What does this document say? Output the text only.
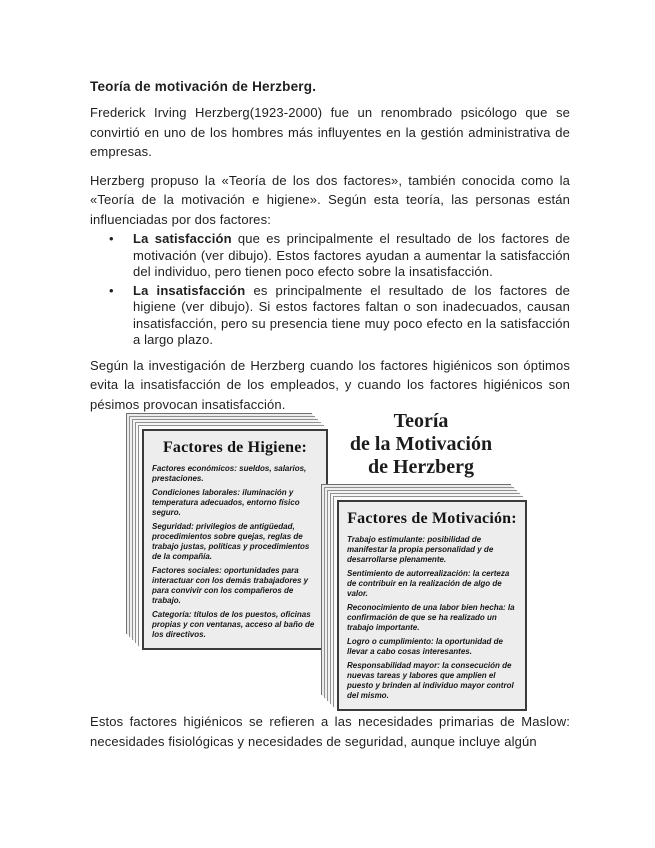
Teoría de motivación de Herzberg.

Frederick Irving Herzberg(1923-2000) fue un renombrado psicólogo que se convirtió en uno de los hombres más influyentes en la gestión administrativa de empresas.

Herzberg propuso la «Teoría de los dos factores», también conocida como la «Teoría de la motivación e higiene». Según esta teoría, las personas están influenciadas por dos factores:

• La satisfacción que es principalmente el resultado de los factores de motivación (ver dibujo). Estos factores ayudan a aumentar la satisfacción del individuo, pero tienen poco efecto sobre la insatisfacción.
• La insatisfacción es principalmente el resultado de los factores de higiene (ver dibujo). Si estos factores faltan o son inadecuados, causan insatisfacción, pero su presencia tiene muy poco efecto en la satisfacción a largo plazo.

Según la investigación de Herzberg cuando los factores higiénicos son óptimos evita la insatisfacción de los empleados, y cuando los factores higiénicos son pésimos provocan insatisfacción.

Teoría
de la Motivación
de Herzberg
Factores de Higiene:

Factores económicos: sueldos, salarios, prestaciones.

Condiciones laborales: iluminación y temperatura adecuados, entorno físico seguro.

Seguridad: privilegios de antigüedad, procedimientos sobre quejas, reglas de trabajo justas, políticas y procedimientos de la compañía.

Factores sociales: oportunidades para interactuar con los demás trabajadores y para convivir con los compañeros de trabajo.

Categoría: títulos de los puestos, oficinas propias y con ventanas, acceso al baño de los directivos.

Factores de Motivación:

Trabajo estimulante: posibilidad de manifestar la propia personalidad y de desarrollarse plenamente.

Sentimiento de autorrealización: la certeza de contribuir en la realización de algo de valor.

Reconocimiento de una labor bien hecha: la confirmación de que se ha realizado un trabajo importante.

Logro o cumplimiento: la oportunidad de llevar a cabo cosas interesantes.

Responsabilidad mayor: la consecución de nuevas tareas y labores que amplíen el puesto y brinden al individuo mayor control del mismo.

Estos factores higiénicos se refieren a las necesidades primarias de Maslow: necesidades fisiológicas y necesidades de seguridad, aunque incluye algún
